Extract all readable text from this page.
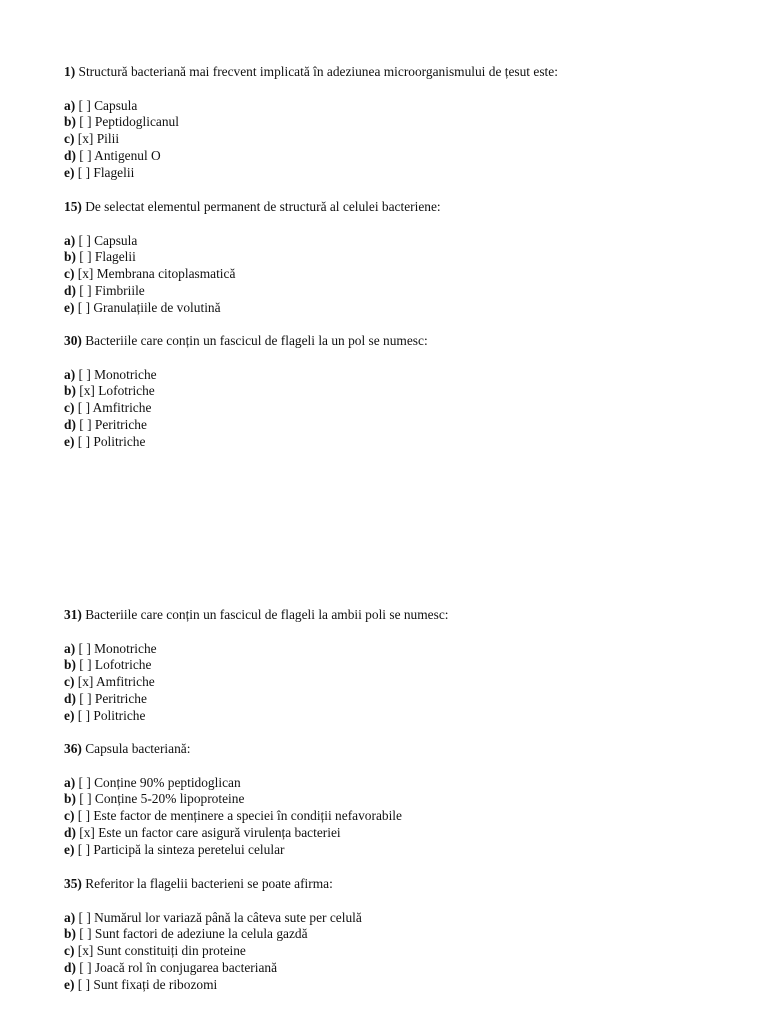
1) Structură bacteriană mai frecvent implicată în adeziunea microorganismului de țesut este:
a) [ ] Capsula
b) [ ] Peptidoglicanul
c) [x] Pilii
d) [ ] Antigenul O
e) [ ] Flagelii
15) De selectat elementul permanent de structură al celulei bacteriene:
a) [ ] Capsula
b) [ ] Flagelii
c) [x] Membrana citoplasmatică
d) [ ] Fimbriile
e) [ ] Granulațiile de volutină
30) Bacteriile care conțin un fascicul de flageli la un pol se numesc:
a) [ ] Monotriche
b) [x] Lofotriche
c) [ ] Amfitriche
d) [ ] Peritriche
e) [ ] Politriche
31) Bacteriile care conțin un fascicul de flageli la ambii poli se numesc:
a) [ ] Monotriche
b) [ ] Lofotriche
c) [x] Amfitriche
d) [ ] Peritriche
e) [ ] Politriche
36) Capsula bacteriană:
a) [ ] Conține 90% peptidoglican
b) [ ] Conține 5-20% lipoproteine
c) [ ] Este factor de menținere a speciei în condiții nefavorabile
d) [x] Este un factor care asigură virulența bacteriei
e) [ ] Participă la sinteza peretelui celular
35) Referitor la flagelii bacterieni se poate afirma:
a) [ ] Numărul lor variază până la câteva sute per celulă
b) [ ] Sunt factori de adeziune la celula gazdă
c) [x] Sunt constituiți din proteine
d) [ ] Joacă rol în conjugarea bacteriană
e) [ ] Sunt fixați de ribozomi
